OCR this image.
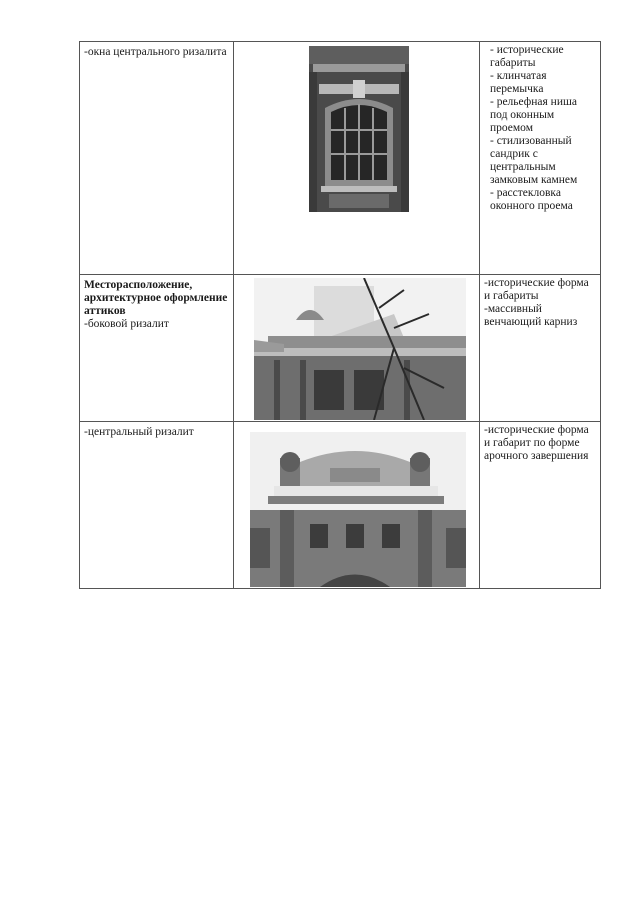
-окна центрального ризалита		- исторические габариты
- клинчатая перемычка
- рельефная ниша под оконным проемом
- стилизованный сандрик с центральным замковым камнем
- расстекловка оконного проема

Месторасположение, архитектурное оформление аттиков
-боковой ризалит		-исторические форма и габариты
-массивный венчающий карниз

-центральный ризалит		-исторические форма и габарит по форме арочного завершения
